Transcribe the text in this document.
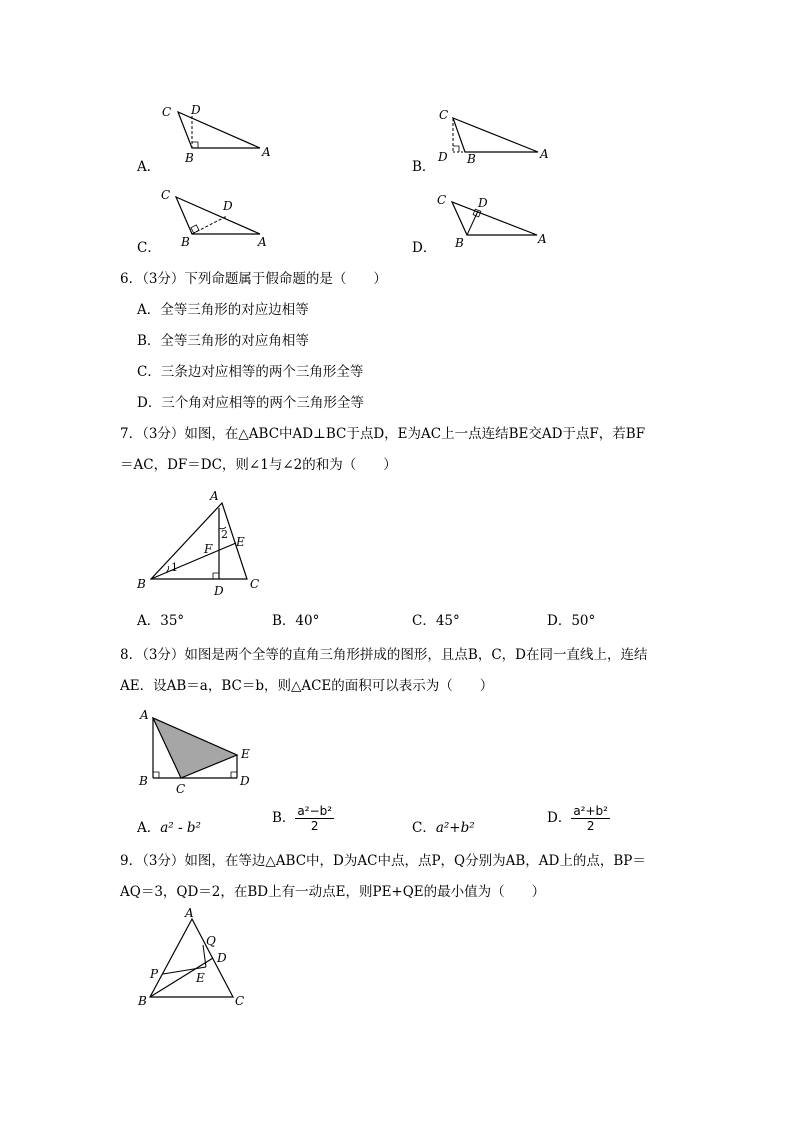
A．
C D
B	A
B．
C
D B	A
C．
C
D
B	A	D．
C	D
B	A
6．（3分）下列命题属于假命题的是（　　）
A．全等三角形的对应边相等
B．全等三角形的对应角相等
C．三条边对应相等的两个三角形全等
D．三个角对应相等的两个三角形全等
7．（3分）如图，在△ABC中AD⊥BC于点D，E为AC上一点连结BE交AD于点F，若BF
＝AC，DF＝DC，则∠1与∠2的和为（　　）
A
B	C
D
E
F
1
2
A．35°	B．40°	C．45°	D．50°
8．（3分）如图是两个全等的直角三角形拼成的图形，且点B，C，D在同一直线上，连结
AE．设AB＝a，BC＝b，则△ACE的面积可以表示为（　　）
A
B
C
D
E
A．a² - b²
B． $\frac{\text{a²−b²}}{2}$	C．a²+b²
D． $\frac{\text{a²+b²}}{2}$
9．（3分）如图，在等边△ABC中，D为AC中点，点P，Q分别为AB，AD上的点，BP＝
AQ＝3，QD＝2，在BD上有一动点E，则PE+QE的最小值为（　　）
A
B	C
D
E
P
Q
